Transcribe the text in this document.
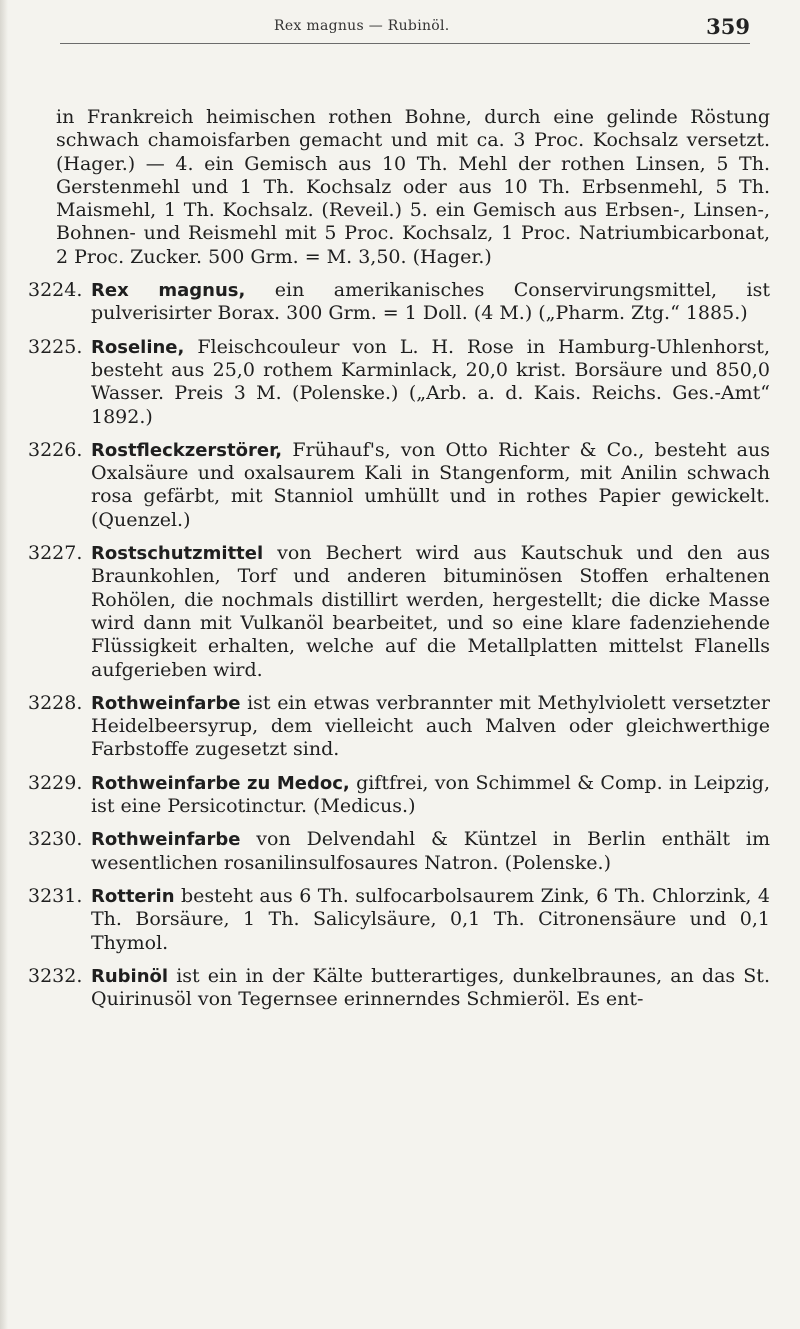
Rex magnus — Rubinöl.	359

in Frankreich heimischen rothen Bohne, durch eine gelinde Röstung schwach chamoisfarben gemacht und mit ca. 3 Proc. Kochsalz versetzt. (Hager.) — 4. ein Gemisch aus 10 Th. Mehl der rothen Linsen, 5 Th. Gerstenmehl und 1 Th. Kochsalz oder aus 10 Th. Erbsenmehl, 5 Th. Maismehl, 1 Th. Kochsalz. (Reveil.) 5. ein Gemisch aus Erbsen-, Linsen-, Bohnen- und Reismehl mit 5 Proc. Kochsalz, 1 Proc. Natriumbicarbonat, 2 Proc. Zucker. 500 Grm. = M. 3,50. (Hager.)

3224. Rex magnus, ein amerikanisches Conservirungsmittel, ist pulverisirter Borax. 300 Grm. = 1 Doll. (4 M.) („Pharm. Ztg.“ 1885.)
3225. Roseline, Fleischcouleur von L. H. Rose in Hamburg-Uhlenhorst, besteht aus 25,0 rothem Karminlack, 20,0 krist. Borsäure und 850,0 Wasser. Preis 3 M. (Polenske.) („Arb. a. d. Kais. Reichs. Ges.-Amt“ 1892.)
3226. Rostfleckzerstörer, Frühauf's, von Otto Richter & Co., besteht aus Oxalsäure und oxalsaurem Kali in Stangenform, mit Anilin schwach rosa gefärbt, mit Stanniol umhüllt und in rothes Papier gewickelt. (Quenzel.)
3227. Rostschutzmittel von Bechert wird aus Kautschuk und den aus Braunkohlen, Torf und anderen bituminösen Stoffen erhaltenen Rohölen, die nochmals distillirt werden, hergestellt; die dicke Masse wird dann mit Vulkanöl bearbeitet, und so eine klare fadenziehende Flüssigkeit erhalten, welche auf die Metallplatten mittelst Flanells aufgerieben wird.
3228. Rothweinfarbe ist ein etwas verbrannter mit Methylviolett versetzter Heidelbeersyrup, dem vielleicht auch Malven oder gleichwerthige Farbstoffe zugesetzt sind.
3229. Rothweinfarbe zu Medoc, giftfrei, von Schimmel & Comp. in Leipzig, ist eine Persicotinctur. (Medicus.)
3230. Rothweinfarbe von Delvendahl & Küntzel in Berlin enthält im wesentlichen rosanilinsulfosaures Natron. (Polenske.)
3231. Rotterin besteht aus 6 Th. sulfocarbolsaurem Zink, 6 Th. Chlorzink, 4 Th. Borsäure, 1 Th. Salicylsäure, 0,1 Th. Citronensäure und 0,1 Thymol.
3232. Rubinöl ist ein in der Kälte butterartiges, dunkelbraunes, an das St. Quirinusöl von Tegernsee erinnerndes Schmieröl. Es ent-
